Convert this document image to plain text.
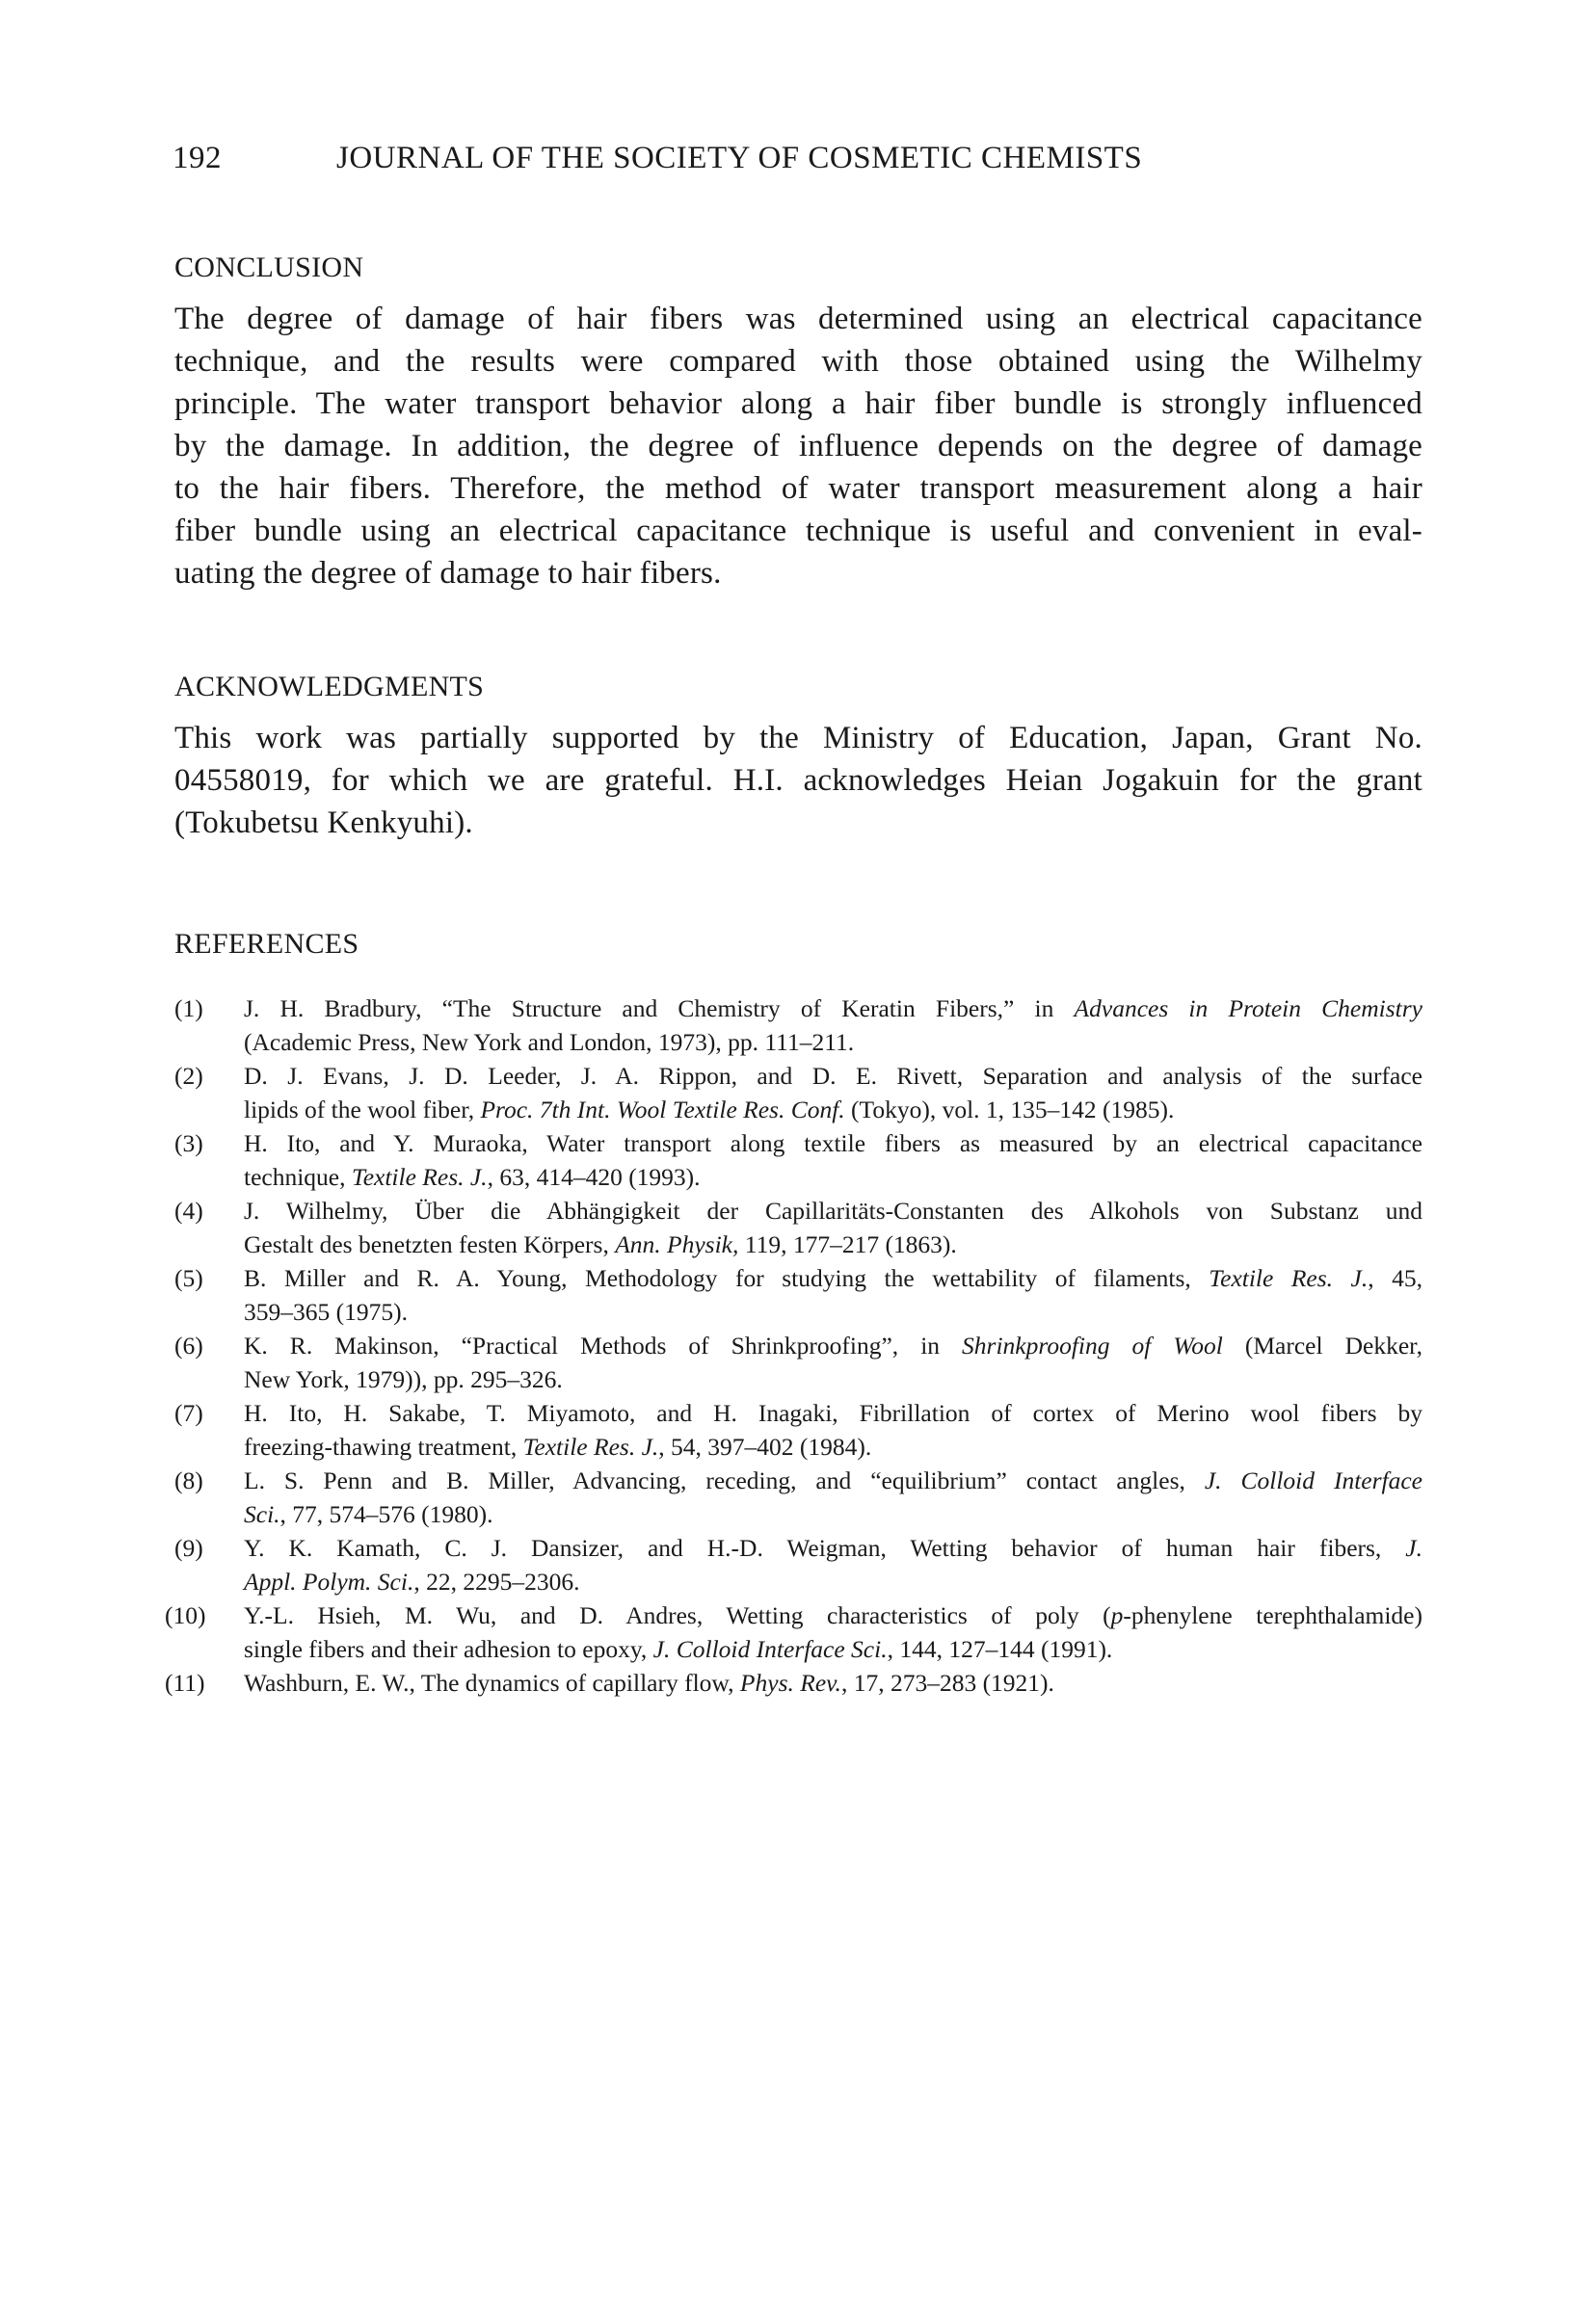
192	JOURNAL OF THE SOCIETY OF COSMETIC CHEMISTS
CONCLUSION
The degree of damage of hair fibers was determined using an electrical capacitance
technique, and the results were compared with those obtained using the Wilhelmy
principle. The water transport behavior along a hair fiber bundle is strongly influenced
by the damage. In addition, the degree of influence depends on the degree of damage
to the hair fibers. Therefore, the method of water transport measurement along a hair
fiber bundle using an electrical capacitance technique is useful and convenient in eval-
uating the degree of damage to hair fibers.
ACKNOWLEDGMENTS
This work was partially supported by the Ministry of Education, Japan, Grant No.
04558019, for which we are grateful. H.I. acknowledges Heian Jogakuin for the grant
(Tokubetsu Kenkyuhi).
REFERENCES
(1)	J. H. Bradbury, “The Structure and Chemistry of Keratin Fibers,” in Advances in Protein Chemistry
(Academic Press, New York and London, 1973), pp. 111–211.
(2)	D. J. Evans, J. D. Leeder, J. A. Rippon, and D. E. Rivett, Separation and analysis of the surface
lipids of the wool fiber, Proc. 7th Int. Wool Textile Res. Conf. (Tokyo), vol. 1, 135–142 (1985).
(3)	H. Ito, and Y. Muraoka, Water transport along textile fibers as measured by an electrical capacitance
technique, Textile Res. J., 63, 414–420 (1993).
(4)	J. Wilhelmy, Über die Abhängigkeit der Capillaritäts-Constanten des Alkohols von Substanz und
Gestalt des benetzten festen Körpers, Ann. Physik, 119, 177–217 (1863).
(5)	B. Miller and R. A. Young, Methodology for studying the wettability of filaments, Textile Res. J., 45,
359–365 (1975).
(6)	K. R. Makinson, “Practical Methods of Shrinkproofing”, in Shrinkproofing of Wool (Marcel Dekker,
New York, 1979)), pp. 295–326.
(7)	H. Ito, H. Sakabe, T. Miyamoto, and H. Inagaki, Fibrillation of cortex of Merino wool fibers by
freezing-thawing treatment, Textile Res. J., 54, 397–402 (1984).
(8)	L. S. Penn and B. Miller, Advancing, receding, and “equilibrium” contact angles, J. Colloid Interface
Sci., 77, 574–576 (1980).
(9)	Y. K. Kamath, C. J. Dansizer, and H.-D. Weigman, Wetting behavior of human hair fibers, J.
Appl. Polym. Sci., 22, 2295–2306.
(10)	Y.-L. Hsieh, M. Wu, and D. Andres, Wetting characteristics of poly (p-phenylene terephthalamide)
single fibers and their adhesion to epoxy, J. Colloid Interface Sci., 144, 127–144 (1991).
(11)	Washburn, E. W., The dynamics of capillary flow, Phys. Rev., 17, 273–283 (1921).
